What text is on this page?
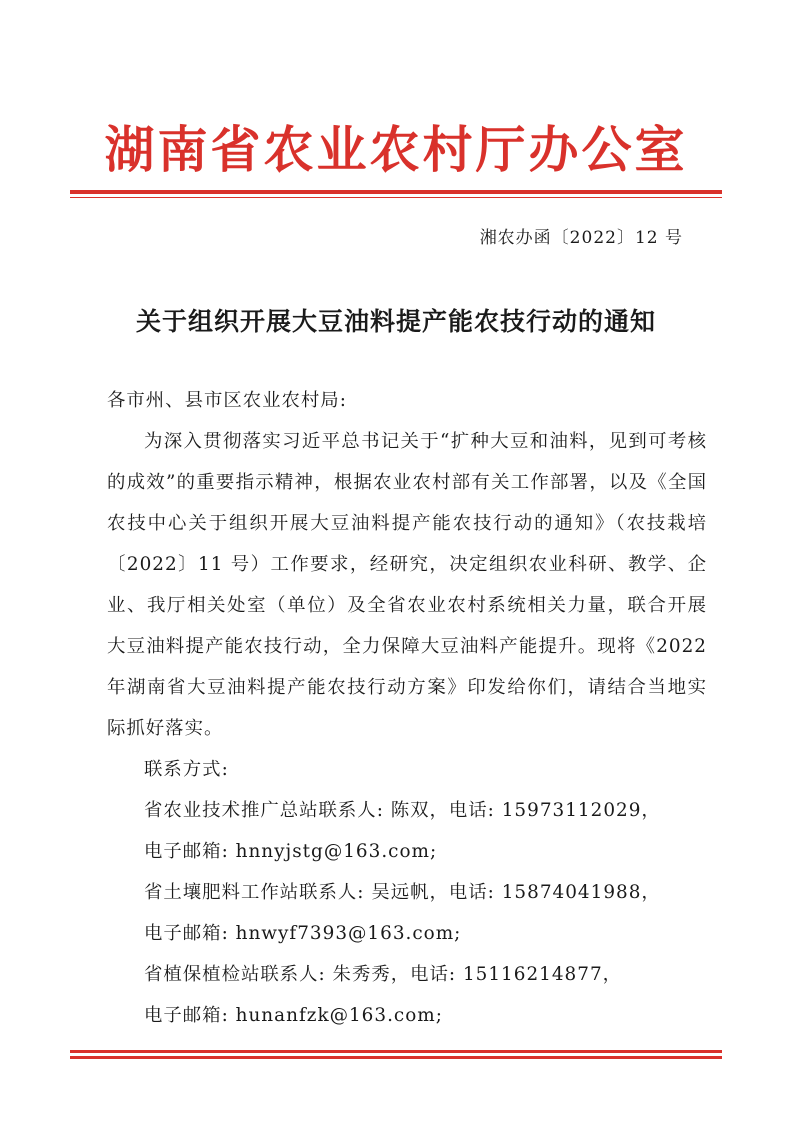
湖南省农业农村厅办公室
湘农办函〔2022〕12 号
关于组织开展大豆油料提产能农技行动的通知

各市州、县市区农业农村局:

为深入贯彻落实习近平总书记关于“扩种大豆和油料，见到可考核的成效”的重要指示精神，根据农业农村部有关工作部署，以及《全国农技中心关于组织开展大豆油料提产能农技行动的通知》（农技栽培〔2022〕11 号）工作要求，经研究，决定组织农业科研、教学、企业、我厅相关处室（单位）及全省农业农村系统相关力量，联合开展大豆油料提产能农技行动，全力保障大豆油料产能提升。现将《2022 年湖南省大豆油料提产能农技行动方案》印发给你们，请结合当地实际抓好落实。

联系方式:

省农业技术推广总站联系人: 陈双，电话: 15973112029，

电子邮箱: hnnyjstg@163.com;

省土壤肥料工作站联系人: 吴远帆，电话: 15874041988，

电子邮箱: hnwyf7393@163.com;

省植保植检站联系人: 朱秀秀，电话: 15116214877，

电子邮箱: hunanfzk@163.com;
